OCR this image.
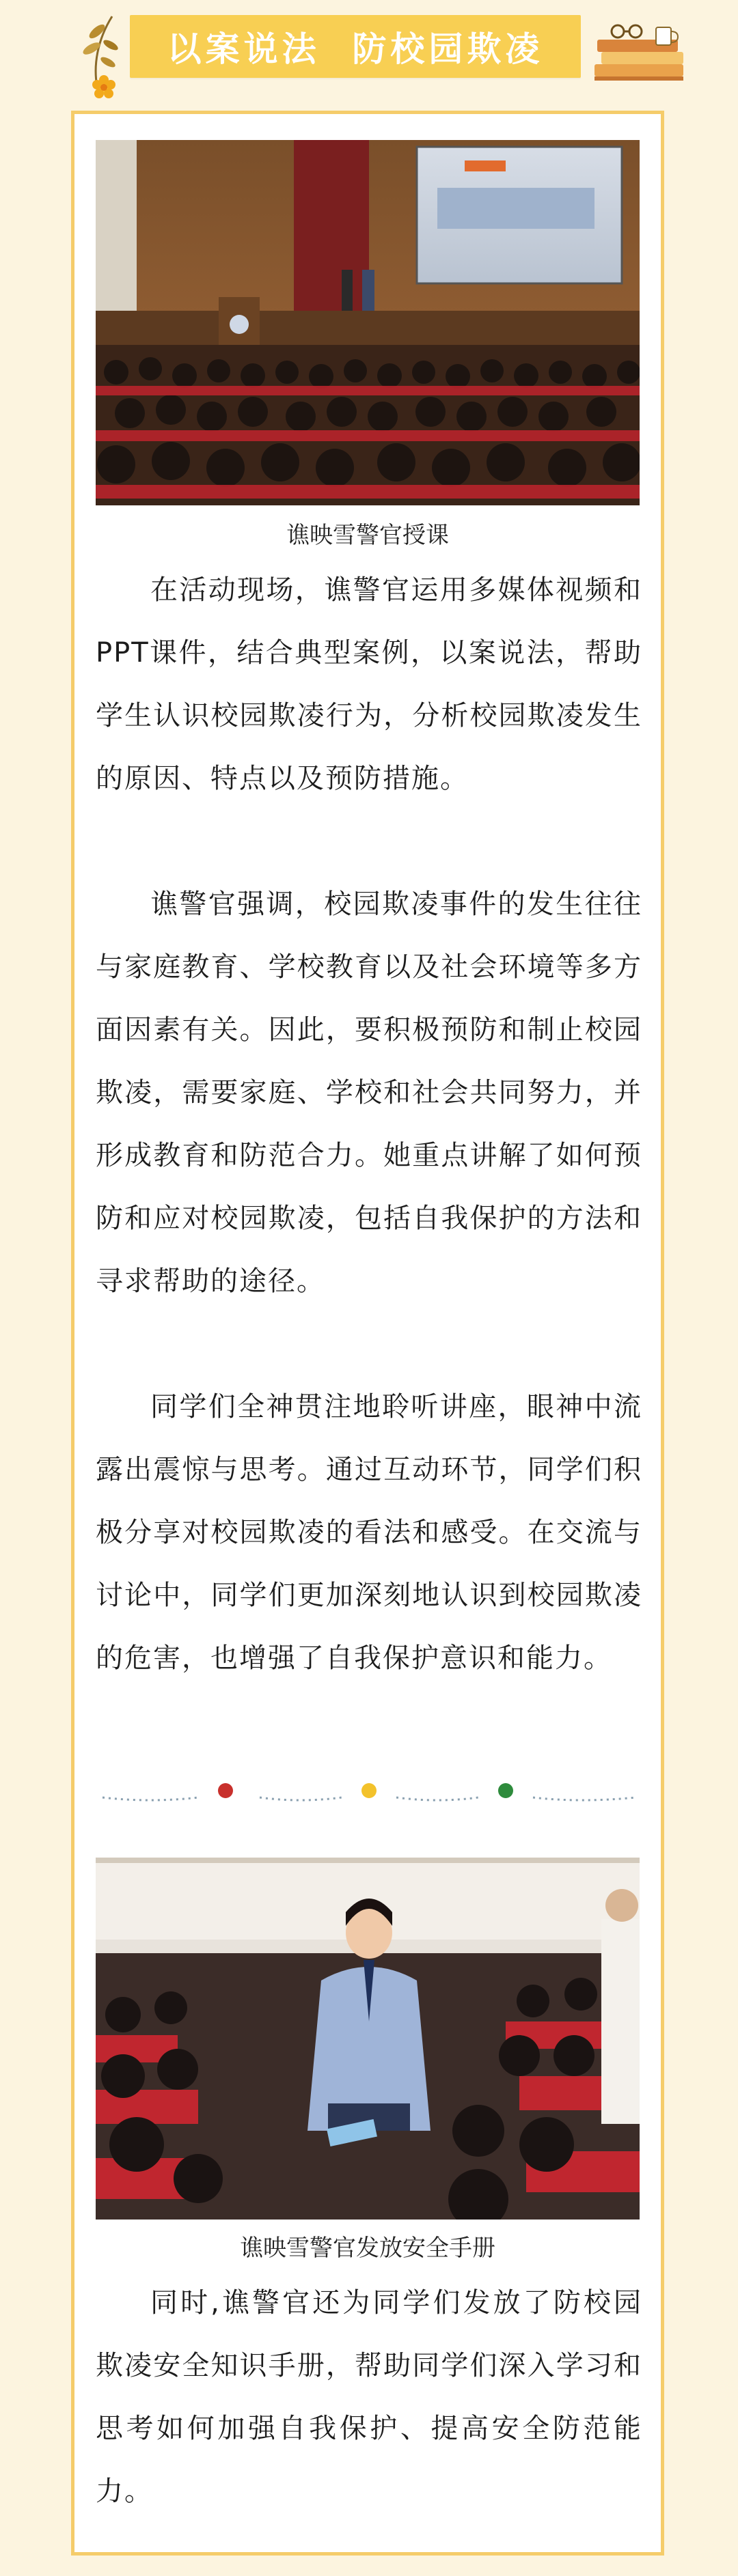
以案说法  防校园欺凌
谯映雪警官授课
在活动现场，谯警官运用多媒体视频和PPT课件，结合典型案例，以案说法，帮助学生认识校园欺凌行为，分析校园欺凌发生的原因、特点以及预防措施。
谯警官强调，校园欺凌事件的发生往往与家庭教育、学校教育以及社会环境等多方面因素有关。因此，要积极预防和制止校园欺凌，需要家庭、学校和社会共同努力，并形成教育和防范合力。她重点讲解了如何预防和应对校园欺凌，包括自我保护的方法和寻求帮助的途径。
同学们全神贯注地聆听讲座，眼神中流露出震惊与思考。通过互动环节，同学们积极分享对校园欺凌的看法和感受。在交流与讨论中，同学们更加深刻地认识到校园欺凌的危害，也增强了自我保护意识和能力。
谯映雪警官发放安全手册
同时,谯警官还为同学们发放了防校园欺凌安全知识手册，帮助同学们深入学习和思考如何加强自我保护、提高安全防范能力。
